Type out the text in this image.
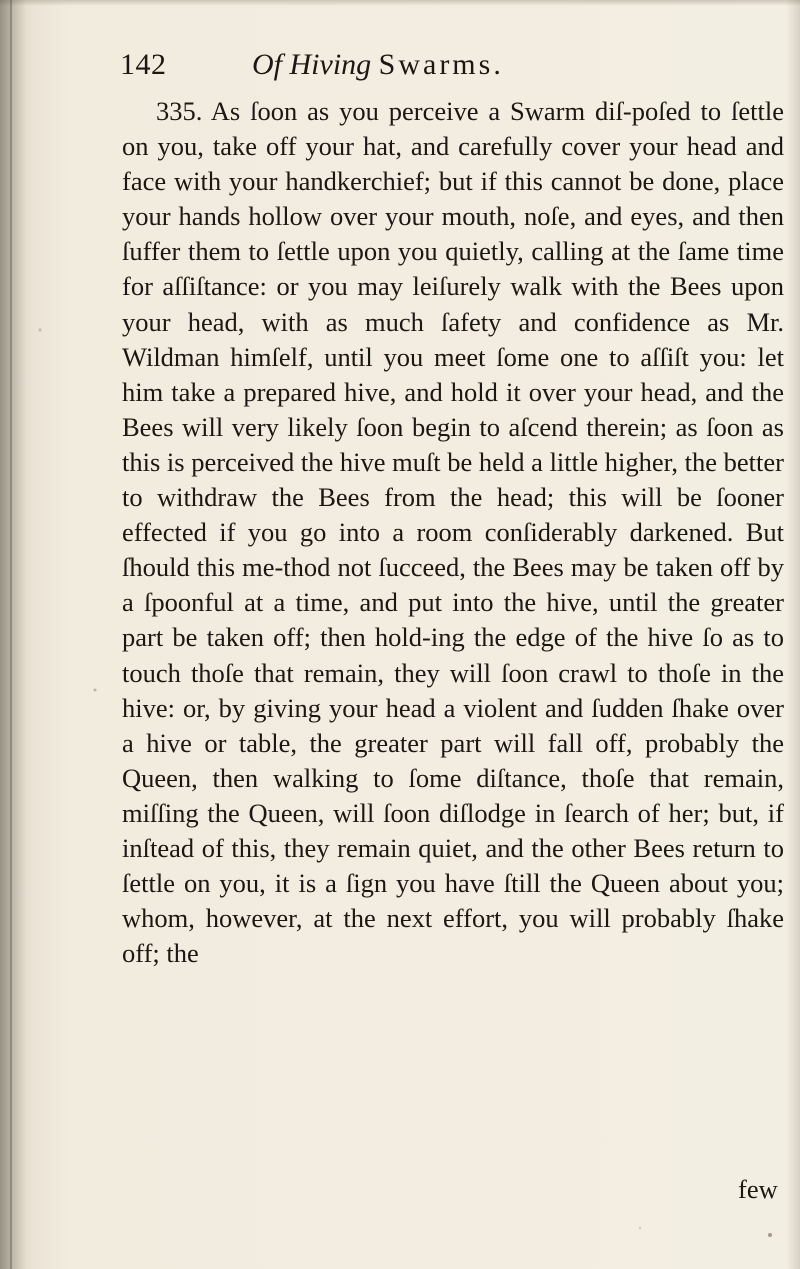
142	Of Hiving Swarms.

335. As ſoon as you perceive a Swarm diſ-poſed to ſettle on you, take off your hat, and carefully cover your head and face with your handkerchief; but if this cannot be done, place your hands hollow over your mouth, noſe, and eyes, and then ſuffer them to ſettle upon you quietly, calling at the ſame time for aſſiſtance: or you may leiſurely walk with the Bees upon your head, with as much ſafety and confidence as Mr. Wildman himſelf, until you meet ſome one to aſſiſt you: let him take a prepared hive, and hold it over your head, and the Bees will very likely ſoon begin to aſcend therein; as ſoon as this is perceived the hive muſt be held a little higher, the better to withdraw the Bees from the head; this will be ſooner effected if you go into a room conſiderably darkened. But ſhould this me-thod not ſucceed, the Bees may be taken off by a ſpoonful at a time, and put into the hive, until the greater part be taken off; then hold-ing the edge of the hive ſo as to touch thoſe that remain, they will ſoon crawl to thoſe in the hive: or, by giving your head a violent and ſudden ſhake over a hive or table, the greater part will fall off, probably the Queen, then walking to ſome diſtance, thoſe that remain, miſſing the Queen, will ſoon diſlodge in ſearch of her; but, if inſtead of this, they remain quiet, and the other Bees return to ſettle on you, it is a ſign you have ſtill the Queen about you; whom, however, at the next effort, you will probably ſhake off; the

few
